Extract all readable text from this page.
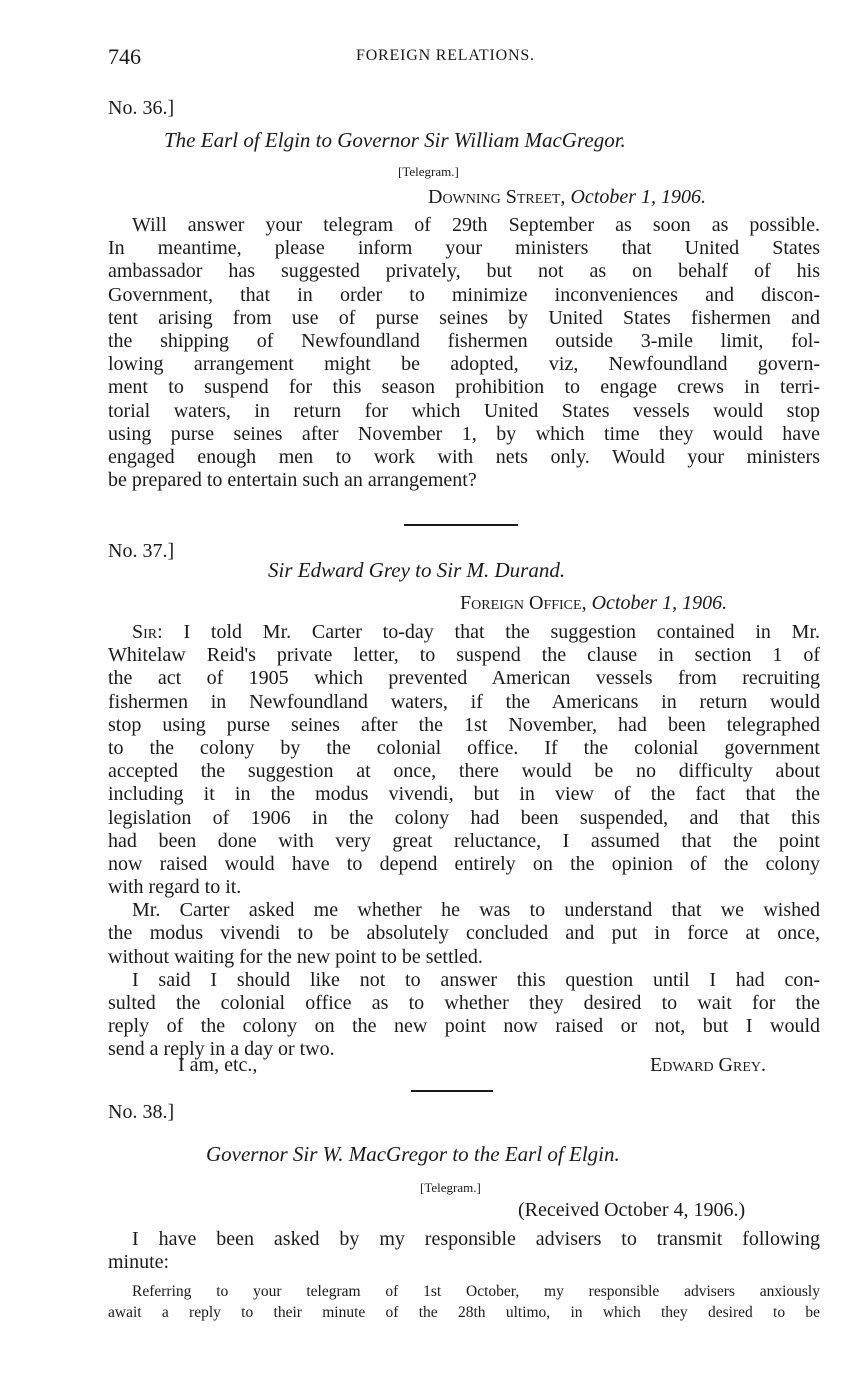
746	FOREIGN RELATIONS.
No. 36.]
The Earl of Elgin to Governor Sir William MacGregor.
[Telegram.]
Downing Street, October 1, 1906.
Will answer your telegram of 29th September as soon as possible.
In meantime, please inform your ministers that United States
ambassador has suggested privately, but not as on behalf of his
Government, that in order to minimize inconveniences and discon-
tent arising from use of purse seines by United States fishermen and
the shipping of Newfoundland fishermen outside 3-mile limit, fol-
lowing arrangement might be adopted, viz, Newfoundland govern-
ment to suspend for this season prohibition to engage crews in terri-
torial waters, in return for which United States vessels would stop
using purse seines after November 1, by which time they would have
engaged enough men to work with nets only. Would your ministers
be prepared to entertain such an arrangement?
No. 37.]
Sir Edward Grey to Sir M. Durand.
Foreign Office, October 1, 1906.
Sir: I told Mr. Carter to-day that the suggestion contained in Mr.
Whitelaw Reid's private letter, to suspend the clause in section 1 of
the act of 1905 which prevented American vessels from recruiting
fishermen in Newfoundland waters, if the Americans in return would
stop using purse seines after the 1st November, had been telegraphed
to the colony by the colonial office. If the colonial government
accepted the suggestion at once, there would be no difficulty about
including it in the modus vivendi, but in view of the fact that the
legislation of 1906 in the colony had been suspended, and that this
had been done with very great reluctance, I assumed that the point
now raised would have to depend entirely on the opinion of the colony
with regard to it.
Mr. Carter asked me whether he was to understand that we wished
the modus vivendi to be absolutely concluded and put in force at once,
without waiting for the new point to be settled.
I said I should like not to answer this question until I had con-
sulted the colonial office as to whether they desired to wait for the
reply of the colony on the new point now raised or not, but I would
send a reply in a day or two.
I am, etc.,	Edward Grey.
No. 38.]
Governor Sir W. MacGregor to the Earl of Elgin.
[Telegram.]
(Received October 4, 1906.)
I have been asked by my responsible advisers to transmit following
minute:
Referring to your telegram of 1st October, my responsible advisers anxiously
await a reply to their minute of the 28th ultimo, in which they desired to be
